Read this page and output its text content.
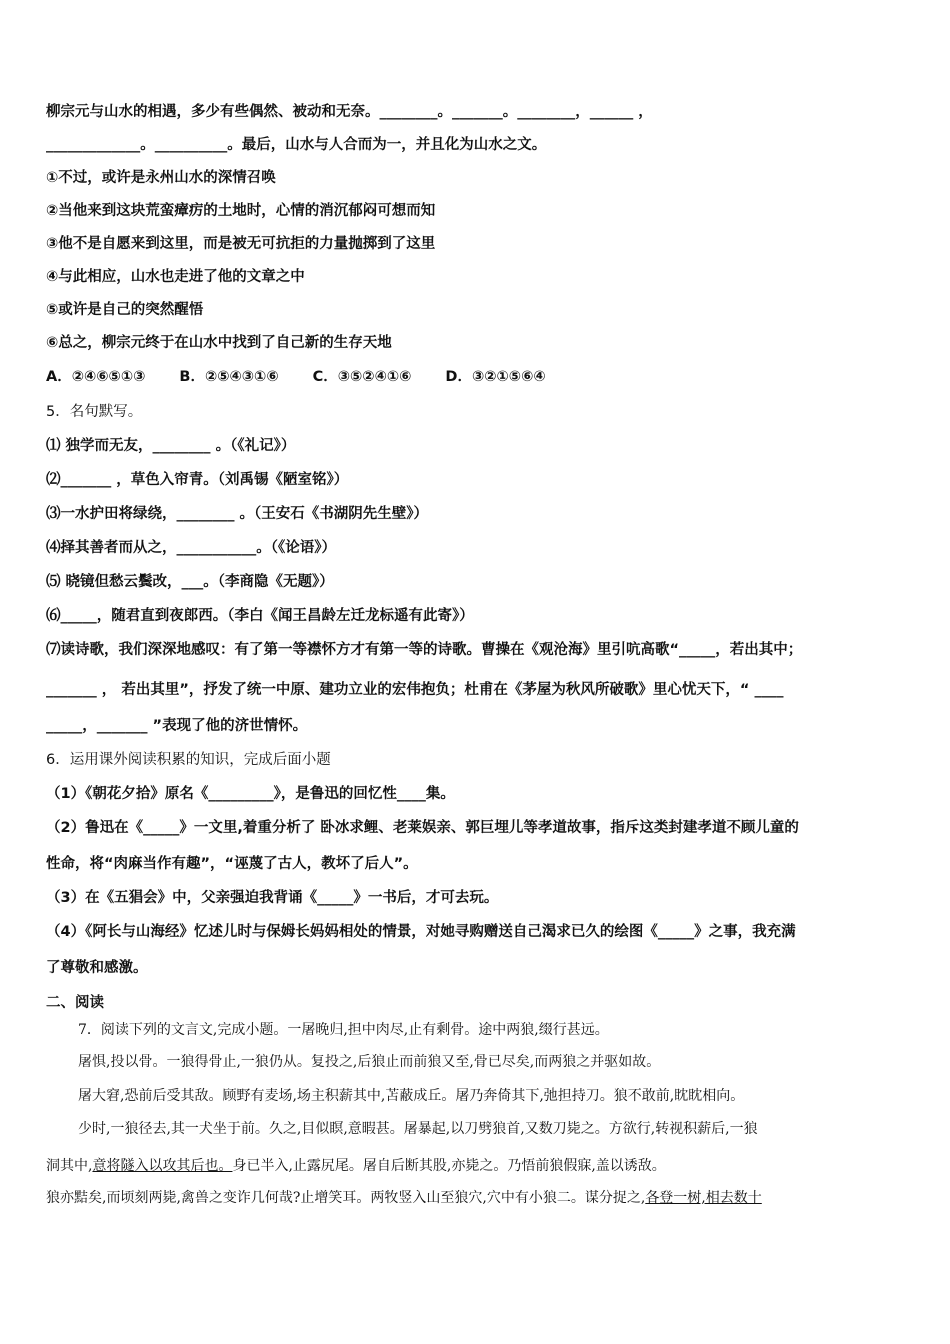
柳宗元与山水的相遇，多少有些偶然、被动和无奈。________。_______。________，______ ，
_____________。__________。最后，山水与人合而为一，并且化为山水之文。
①不过，或许是永州山水的深情召唤
②当他来到这块荒蛮瘴疠的土地时，心情的消沉郁闷可想而知
③他不是自愿来到这里，而是被无可抗拒的力量抛掷到了这里
④与此相应，山水也走进了他的文章之中
⑤或许是自己的突然醒悟
⑥总之，柳宗元终于在山水中找到了自己新的生存天地
A．②④⑥⑤①③ B．②⑤④③①⑥ C．③⑤②④①⑥ D．③②①⑤⑥④
5．名句默写。
⑴ 独学而无友，________ 。（《礼记》）
⑵_______ ，草色入帘青。（刘禹锡《陋室铭》）
⑶一水护田将绿绕，________ 。（王安石《书湖阴先生壁》）
⑷择其善者而从之，___________。（《论语》）
⑸ 晓镜但愁云鬓改，___。（李商隐《无题》）
⑹_____，随君直到夜郎西。（李白《闻王昌龄左迁龙标遥有此寄》）
⑺读诗歌，我们深深地感叹：有了第一等襟怀方才有第一等的诗歌。曹操在《观沧海》里引吭高歌“_____，若出其中；
_______ ， 若出其里”，抒发了统一中原、建功立业的宏伟抱负；杜甫在《茅屋为秋风所破歌》里心忧天下，“ ____
_____，_______ ”表现了他的济世情怀。
6．运用课外阅读积累的知识，完成后面小题
（1）《朝花夕拾》原名《_________》，是鲁迅的回忆性____集。
（2）鲁迅在《_____》一文里,着重分析了 卧冰求鲤、老莱娱亲、郭巨埋儿等孝道故事，指斥这类封建孝道不顾儿童的
性命，将“肉麻当作有趣”，“诬蔑了古人，教坏了后人”。
（3）在《五猖会》中，父亲强迫我背诵《_____》一书后，才可去玩。
（4）《阿长与山海经》忆述儿时与保姆长妈妈相处的情景，对她寻购赠送自己渴求已久的绘图《_____》之事，我充满
了尊敬和感激。
二、阅读
7．阅读下列的文言文,完成小题。一屠晚归,担中肉尽,止有剩骨。途中两狼,缀行甚远。
屠惧,投以骨。一狼得骨止,一狼仍从。复投之,后狼止而前狼又至,骨已尽矣,而两狼之并驱如故。
屠大窘,恐前后受其敌。顾野有麦场,场主积薪其中,苫蔽成丘。屠乃奔倚其下,弛担持刀。狼不敢前,眈眈相向。
少时,一狼径去,其一犬坐于前。久之,目似瞑,意暇甚。屠暴起,以刀劈狼首,又数刀毙之。方欲行,转视积薪后,一狼
洞其中,意将隧入以攻其后也。身已半入,止露尻尾。屠自后断其股,亦毙之。乃悟前狼假寐,盖以诱敌。
狼亦黠矣,而顷刻两毙,禽兽之变诈几何哉?止增笑耳。两牧竖入山至狼穴,穴中有小狼二。谋分捉之,各登一树,相去数十
